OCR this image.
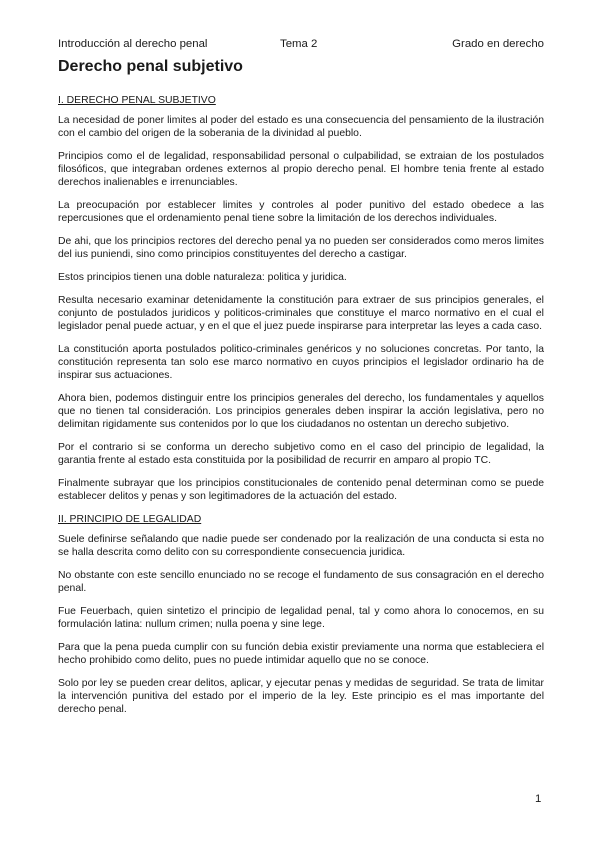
Introducción al derecho penal	Tema 2	Grado en derecho
Derecho penal subjetivo
I. DERECHO PENAL SUBJETIVO

La necesidad de poner limites al poder del estado es una consecuencia del pensamiento de la ilustración con el cambio del origen de la soberania de la divinidad al pueblo.

Principios como el de legalidad, responsabilidad personal o culpabilidad, se extraian de los postulados filosóficos, que integraban ordenes externos al propio derecho penal. El hombre tenia frente al estado derechos inalienables e irrenunciables.

La preocupación por establecer limites y controles al poder punitivo del estado obedece a las repercusiones que el ordenamiento penal tiene sobre la limitación de los derechos individuales.

De ahi, que los principios rectores del derecho penal ya no pueden ser considerados como meros limites del ius puniendi, sino como principios constituyentes del derecho a castigar.

Estos principios tienen una doble naturaleza: politica y juridica.

Resulta necesario examinar detenidamente la constitución para extraer de sus principios generales, el conjunto de postulados juridicos y politicos-criminales que constituye el marco normativo en el cual el legislador penal puede actuar, y en el que el juez puede inspirarse para interpretar las leyes a cada caso.

La constitución aporta postulados politico-criminales genéricos y no soluciones concretas. Por tanto, la constitución representa tan solo ese marco normativo en cuyos principios el legislador ordinario ha de inspirar sus actuaciones.

Ahora bien, podemos distinguir entre los principios generales del derecho, los fundamentales y aquellos que no tienen tal consideración. Los principios generales deben inspirar la acción legislativa, pero no delimitan rigidamente sus contenidos por lo que los ciudadanos no ostentan un derecho subjetivo.

Por el contrario si se conforma un derecho subjetivo como en el caso del principio de legalidad, la garantia frente al estado esta constituida por la posibilidad de recurrir en amparo al propio TC.

Finalmente subrayar que los principios constitucionales de contenido penal determinan como se puede establecer delitos y penas y son legitimadores de la actuación del estado.

II. PRINCIPIO DE LEGALIDAD

Suele definirse señalando que nadie puede ser condenado por la realización de una conducta si esta no se halla descrita como delito con su correspondiente consecuencia juridica.

No obstante con este sencillo enunciado no se recoge el fundamento de sus consagración en el derecho penal.

Fue Feuerbach, quien sintetizo el principio de legalidad penal, tal y como ahora lo conocemos, en su formulación latina: nullum crimen; nulla poena y sine lege.

Para que la pena pueda cumplir con su función debia existir previamente una norma que estableciera el hecho prohibido como delito, pues no puede intimidar aquello que no se conoce.

Solo por ley se pueden crear delitos, aplicar, y ejecutar penas y medidas de seguridad. Se trata de limitar la intervención punitiva del estado por el imperio de la ley. Este principio es el mas importante del derecho penal.

1
